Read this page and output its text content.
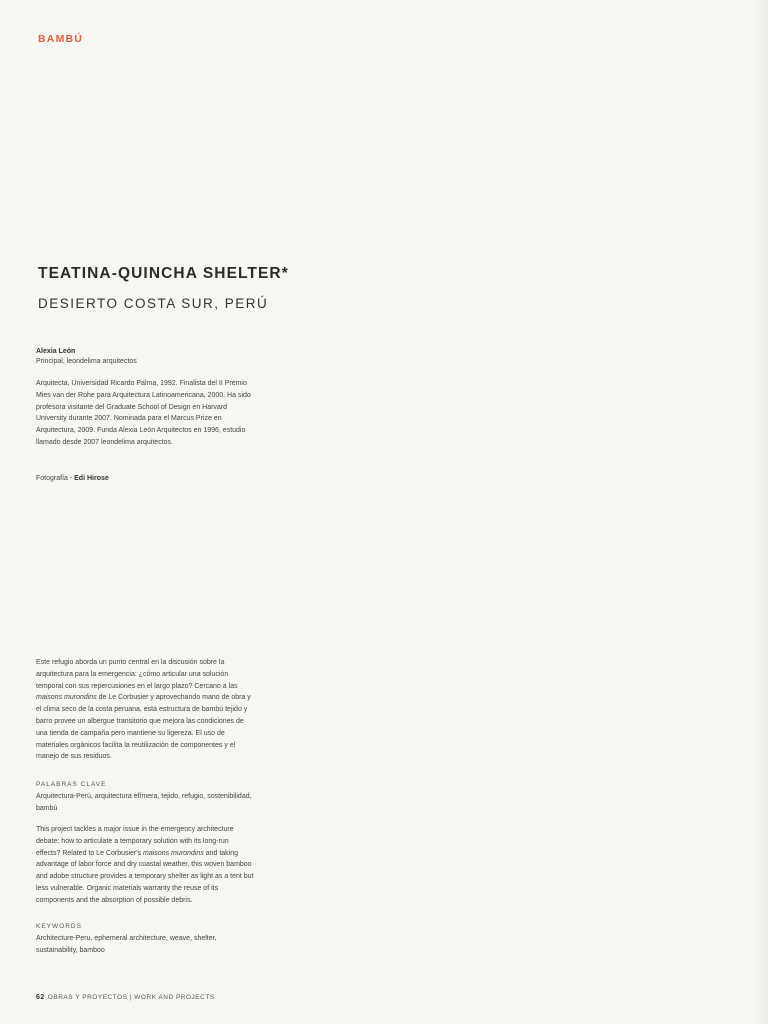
BAMBÚ
TEATINA-QUINCHA SHELTER*
DESIERTO COSTA SUR, PERÚ
Alexia León
Principal, leondelima arquitectos

Arquitecta, Universidad Ricardo Palma, 1992. Finalista del II Premio Mies van der Rohe para Arquitectura Latinoamericana, 2000. Ha sido profesora visitante del Graduate School of Design en Harvard University durante 2007. Nominada para el Marcus Prize en Arquitectura, 2009. Funda Alexia León Arquitectos en 1996, estudio llamado desde 2007 leondelima arquitectos.

Fotografía - Edi Hirose

Este refugio aborda un punto central en la discusión sobre la arquitectura para la emergencia: ¿cómo articular una solución temporal con sus repercusiones en el largo plazo? Cercano a las maisons murondins de Le Corbusier y aprovechando mano de obra y el clima seco de la costa peruana, esta estructura de bambú tejido y barro provee un albergue transitorio que mejora las condiciones de una tienda de campaña pero mantiene su ligereza. El uso de materiales orgánicos facilita la reutilización de componentes y el manejo de sus residuos.

PALABRAS CLAVE

Arquitectura-Perú, arquitectura efímera, tejido, refugio, sostenibilidad, bambú

This project tackles a major issue in the emergency architecture debate: how to articulate a temporary solution with its long-run effects? Related to Le Corbusier's maisons murondins and taking advantage of labor force and dry coastal weather, this woven bamboo and adobe structure provides a temporary shelter as light as a tent but less vulnerable. Organic materials warranty the reuse of its components and the absorption of possible debris.

KEYWORDS

Architecture-Peru, ephemeral architecture, weave, shelter, sustainability, bamboo

62 OBRAS Y PROYECTOS | WORK AND PROJECTS
